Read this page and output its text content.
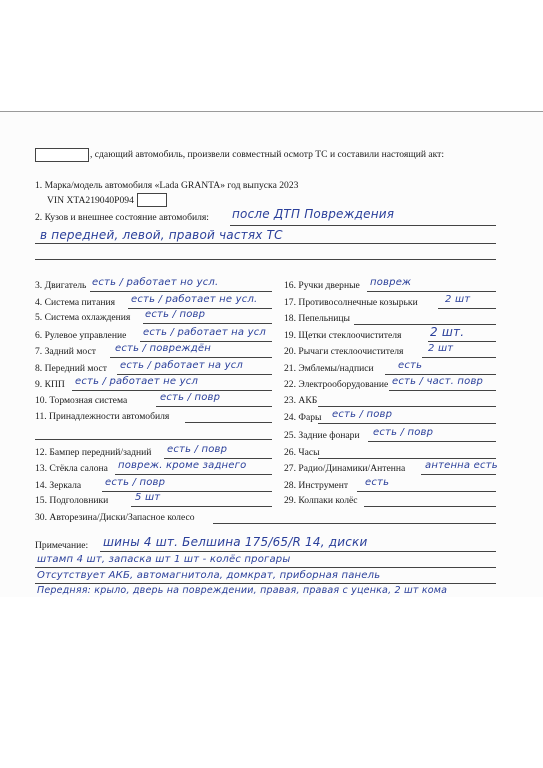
, сдающий автомобиль, произвели совместный осмотр ТС и составили настоящий акт:
1. Марка/модель автомобиля «Lada GRANTA» год выпуска 2023
VIN XTA219040P094
2. Кузов и внешнее состояние автомобиля: после ДТП Повреждения
в передней, левой, правой частях ТС
3. Двигатель есть / работает но усл.
4. Система питания есть / работает не усл.
5. Система охлаждения есть / повр
6. Рулевое управление есть / работает на усл
7. Задний мост есть / повреждён
8. Передний мост есть / работает на усл
9. КПП есть / работает не усл
10. Тормозная система	есть / повр
11. Принадлежности автомобиля
12. Бампер передний/задний есть / повр
13. Стёкла салона повреж. кроме заднего
14. Зеркала есть / повр
15. Подголовники	5 шт
30. Авторезина/Диски/Запасное колесо
16. Ручки дверные повреж
17. Противосолнечные козырьки	2 шт
18. Пепельницы
19. Щетки стеклоочистителя 2 шт.
20. Рычаги стеклоочистителя 2 шт
21. Эмблемы/надписи есть
22. Электрооборудование есть / част. повр
23. АКБ
24. Фары есть / повр
25. Задние фонари есть / повр
26. Часы
27. Радио/Динамики/Антенна антенна есть
28. Инструмент есть
29. Колпаки колёс
Примечание: шины 4 шт. Белшина 175/65/R 14, диски
штамп 4 шт, запаска шт 1 шт - колёс прогары
Отсутствует АКБ, автомагнитола, домкрат, приборная панель
Передняя: крыло, дверь на повреждении, правая, правая с уценка, 2 шт кома
